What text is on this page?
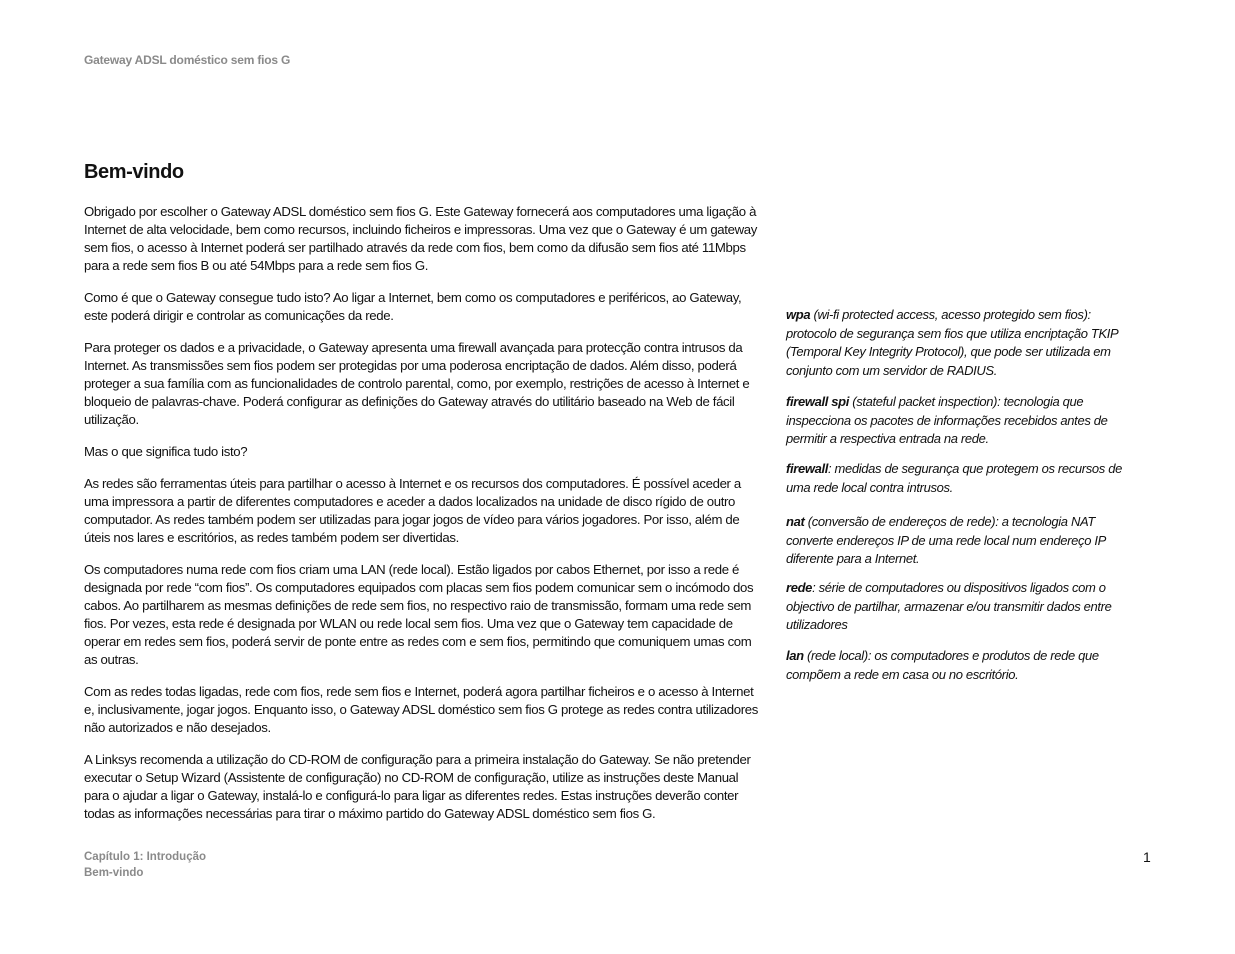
Gateway ADSL doméstico sem fios G
Bem-vindo

Obrigado por escolher o Gateway ADSL doméstico sem fios G. Este Gateway fornecerá aos computadores uma ligação à Internet de alta velocidade, bem como recursos, incluindo ficheiros e impressoras. Uma vez que o Gateway é um gateway sem fios, o acesso à Internet poderá ser partilhado através da rede com fios, bem como da difusão sem fios até 11Mbps para a rede sem fios B ou até 54Mbps para a rede sem fios G.

Como é que o Gateway consegue tudo isto? Ao ligar a Internet, bem como os computadores e periféricos, ao Gateway, este poderá dirigir e controlar as comunicações da rede.

Para proteger os dados e a privacidade, o Gateway apresenta uma firewall avançada para protecção contra intrusos da Internet. As transmissões sem fios podem ser protegidas por uma poderosa encriptação de dados. Além disso, poderá proteger a sua família com as funcionalidades de controlo parental, como, por exemplo, restrições de acesso à Internet e bloqueio de palavras-chave. Poderá configurar as definições do Gateway através do utilitário baseado na Web de fácil utilização.

Mas o que significa tudo isto?

As redes são ferramentas úteis para partilhar o acesso à Internet e os recursos dos computadores. É possível aceder a uma impressora a partir de diferentes computadores e aceder a dados localizados na unidade de disco rígido de outro computador. As redes também podem ser utilizadas para jogar jogos de vídeo para vários jogadores. Por isso, além de úteis nos lares e escritórios, as redes também podem ser divertidas.

Os computadores numa rede com fios criam uma LAN (rede local). Estão ligados por cabos Ethernet, por isso a rede é designada por rede “com fios”. Os computadores equipados com placas sem fios podem comunicar sem o incómodo dos cabos. Ao partilharem as mesmas definições de rede sem fios, no respectivo raio de transmissão, formam uma rede sem fios. Por vezes, esta rede é designada por WLAN ou rede local sem fios. Uma vez que o Gateway tem capacidade de operar em redes sem fios, poderá servir de ponte entre as redes com e sem fios, permitindo que comuniquem umas com as outras.

Com as redes todas ligadas, rede com fios, rede sem fios e Internet, poderá agora partilhar ficheiros e o acesso à Internet e, inclusivamente, jogar jogos. Enquanto isso, o Gateway ADSL doméstico sem fios G protege as redes contra utilizadores não autorizados e não desejados.

A Linksys recomenda a utilização do CD-ROM de configuração para a primeira instalação do Gateway. Se não pretender executar o Setup Wizard (Assistente de configuração) no CD-ROM de configuração, utilize as instruções deste Manual para o ajudar a ligar o Gateway, instalá-lo e configurá-lo para ligar as diferentes redes. Estas instruções deverão conter todas as informações necessárias para tirar o máximo partido do Gateway ADSL doméstico sem fios G.

wpa (wi-fi protected access, acesso protegido sem fios): protocolo de segurança sem fios que utiliza encriptação TKIP (Temporal Key Integrity Protocol), que pode ser utilizada em conjunto com um servidor de RADIUS.

firewall spi (stateful packet inspection): tecnologia que inspecciona os pacotes de informações recebidos antes de permitir a respectiva entrada na rede.

firewall: medidas de segurança que protegem os recursos de uma rede local contra intrusos.

nat (conversão de endereços de rede): a tecnologia NAT converte endereços IP de uma rede local num endereço IP diferente para a Internet.

rede: série de computadores ou dispositivos ligados com o objectivo de partilhar, armazenar e/ou transmitir dados entre utilizadores

lan (rede local): os computadores e produtos de rede que compõem a rede em casa ou no escritório.

Capítulo 1: Introdução
Bem-vindo
1
